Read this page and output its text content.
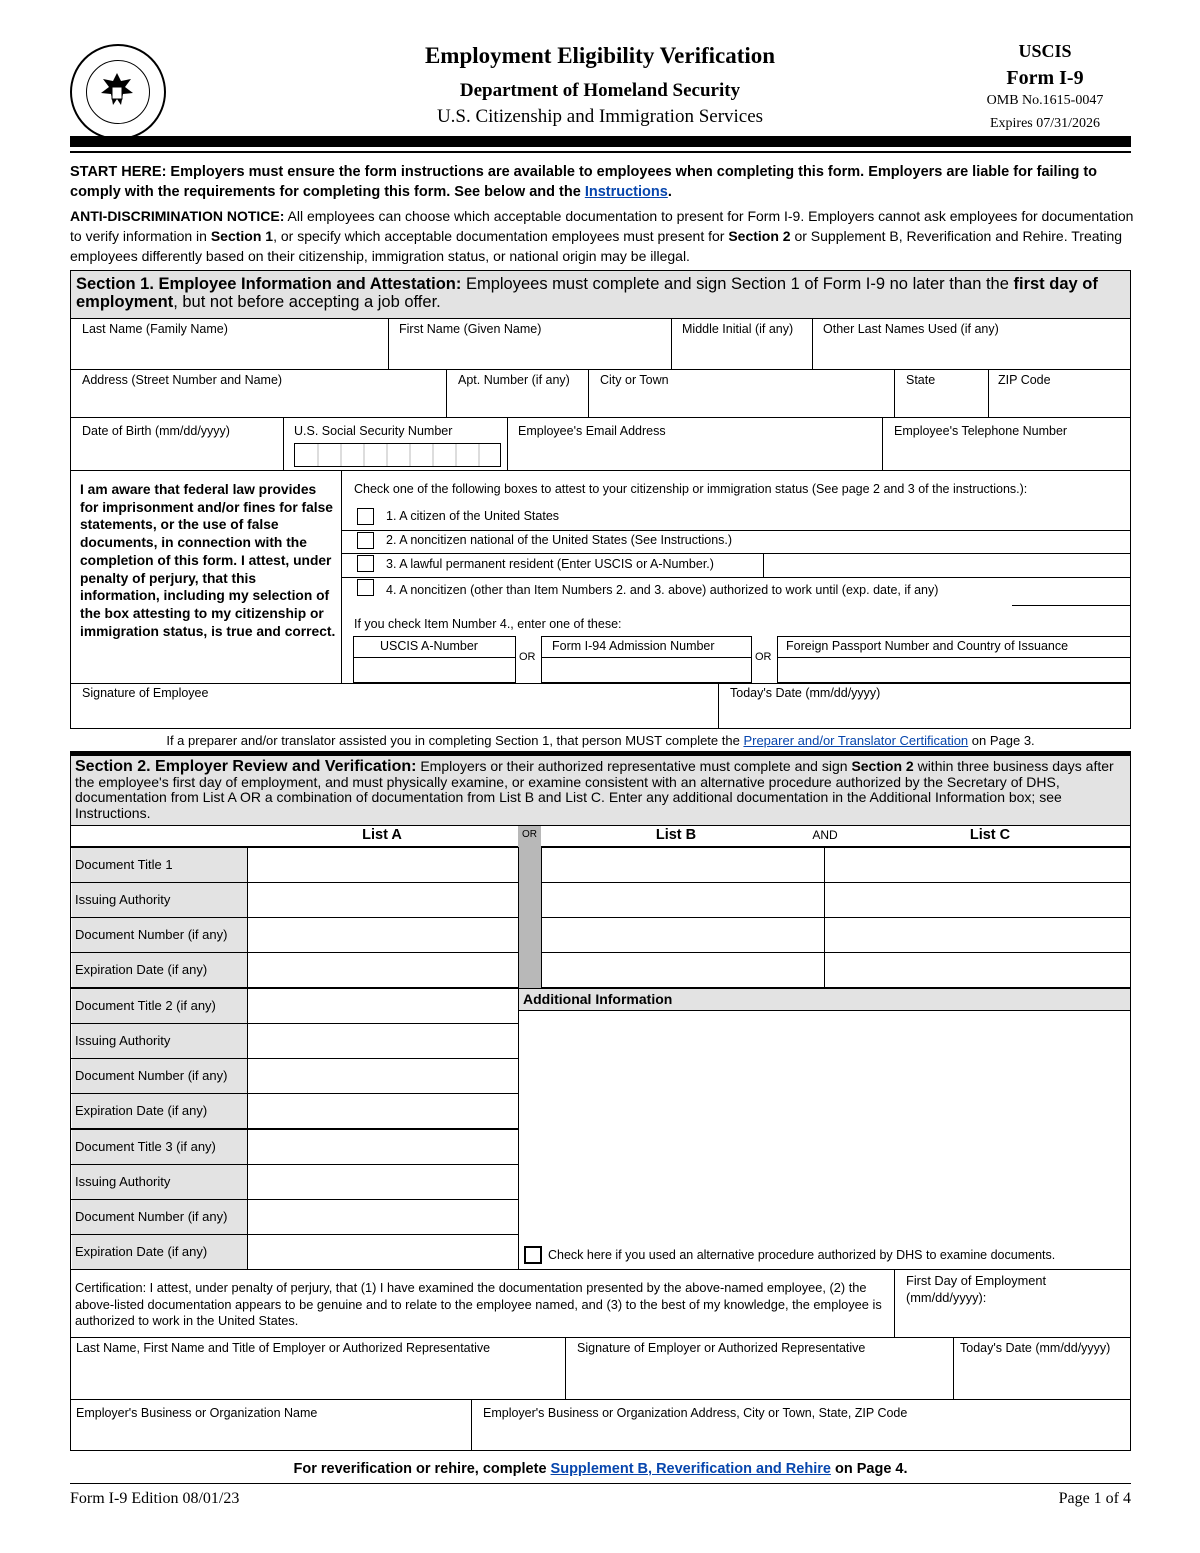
Employment Eligibility Verification
Department of Homeland Security
U.S. Citizenship and Immigration Services
USCIS
Form I-9
OMB No.1615-0047
Expires 07/31/2026
START HERE: Employers must ensure the form instructions are available to employees when completing this form. Employers are liable for failing to comply with the requirements for completing this form. See below and the Instructions.
ANTI-DISCRIMINATION NOTICE: All employees can choose which acceptable documentation to present for Form I-9. Employers cannot ask employees for documentation to verify information in Section 1, or specify which acceptable documentation employees must present for Section 2 or Supplement B, Reverification and Rehire. Treating employees differently based on their citizenship, immigration status, or national origin may be illegal.
Section 1. Employee Information and Attestation: Employees must complete and sign Section 1 of Form I-9 no later than the first day of employment, but not before accepting a job offer.
Last Name (Family Name)	First Name (Given Name)	Middle Initial (if any) Other Last Names Used (if any)
Address (Street Number and Name)	Apt. Number (if any) City or Town	State	ZIP Code
Date of Birth (mm/dd/yyyy)	U.S. Social Security Number	Employee's Email Address	Employee's Telephone Number
I am aware that federal law provides for imprisonment and/or fines for false statements, or the use of false documents, in connection with the completion of this form. I attest, under penalty of perjury, that this information, including my selection of the box attesting to my citizenship or immigration status, is true and correct.
Check one of the following boxes to attest to your citizenship or immigration status (See page 2 and 3 of the instructions.):
1. A citizen of the United States
2. A noncitizen national of the United States (See Instructions.)
3. A lawful permanent resident (Enter USCIS or A-Number.)
4. A noncitizen (other than Item Numbers 2. and 3. above) authorized to work until (exp. date, if any)
If you check Item Number 4., enter one of these:
USCIS A-Number
OR
Form I-94 Admission Number
OR
Foreign Passport Number and Country of Issuance
Signature of Employee	Today's Date (mm/dd/yyyy)
If a preparer and/or translator assisted you in completing Section 1, that person MUST complete the Preparer and/or Translator Certification on Page 3.
Section 2. Employer Review and Verification: Employers or their authorized representative must complete and sign Section 2 within three business days after the employee's first day of employment, and must physically examine, or examine consistent with an alternative procedure authorized by the Secretary of DHS, documentation from List A OR a combination of documentation from List B and List C. Enter any additional documentation in the Additional Information box; see Instructions.
List A	OR	List B	AND	List C
Document Title 1
Issuing Authority
Document Number (if any)
Expiration Date (if any)
Document Title 2 (if any)
Issuing Authority
Document Number (if any)
Expiration Date (if any)
Document Title 3 (if any)
Issuing Authority
Document Number (if any)
Expiration Date (if any)
Additional Information
Check here if you used an alternative procedure authorized by DHS to examine documents.
Certification: I attest, under penalty of perjury, that (1) I have examined the documentation presented by the above-named employee, (2) the above-listed documentation appears to be genuine and to relate to the employee named, and (3) to the best of my knowledge, the employee is authorized to work in the United States.
First Day of Employment (mm/dd/yyyy):
Last Name, First Name and Title of Employer or Authorized Representative	Signature of Employer or Authorized Representative	Today's Date (mm/dd/yyyy)
Employer's Business or Organization Name	Employer's Business or Organization Address, City or Town, State, ZIP Code
For reverification or rehire, complete Supplement B, Reverification and Rehire on Page 4.
Form I-9 Edition 08/01/23	Page 1 of 4
